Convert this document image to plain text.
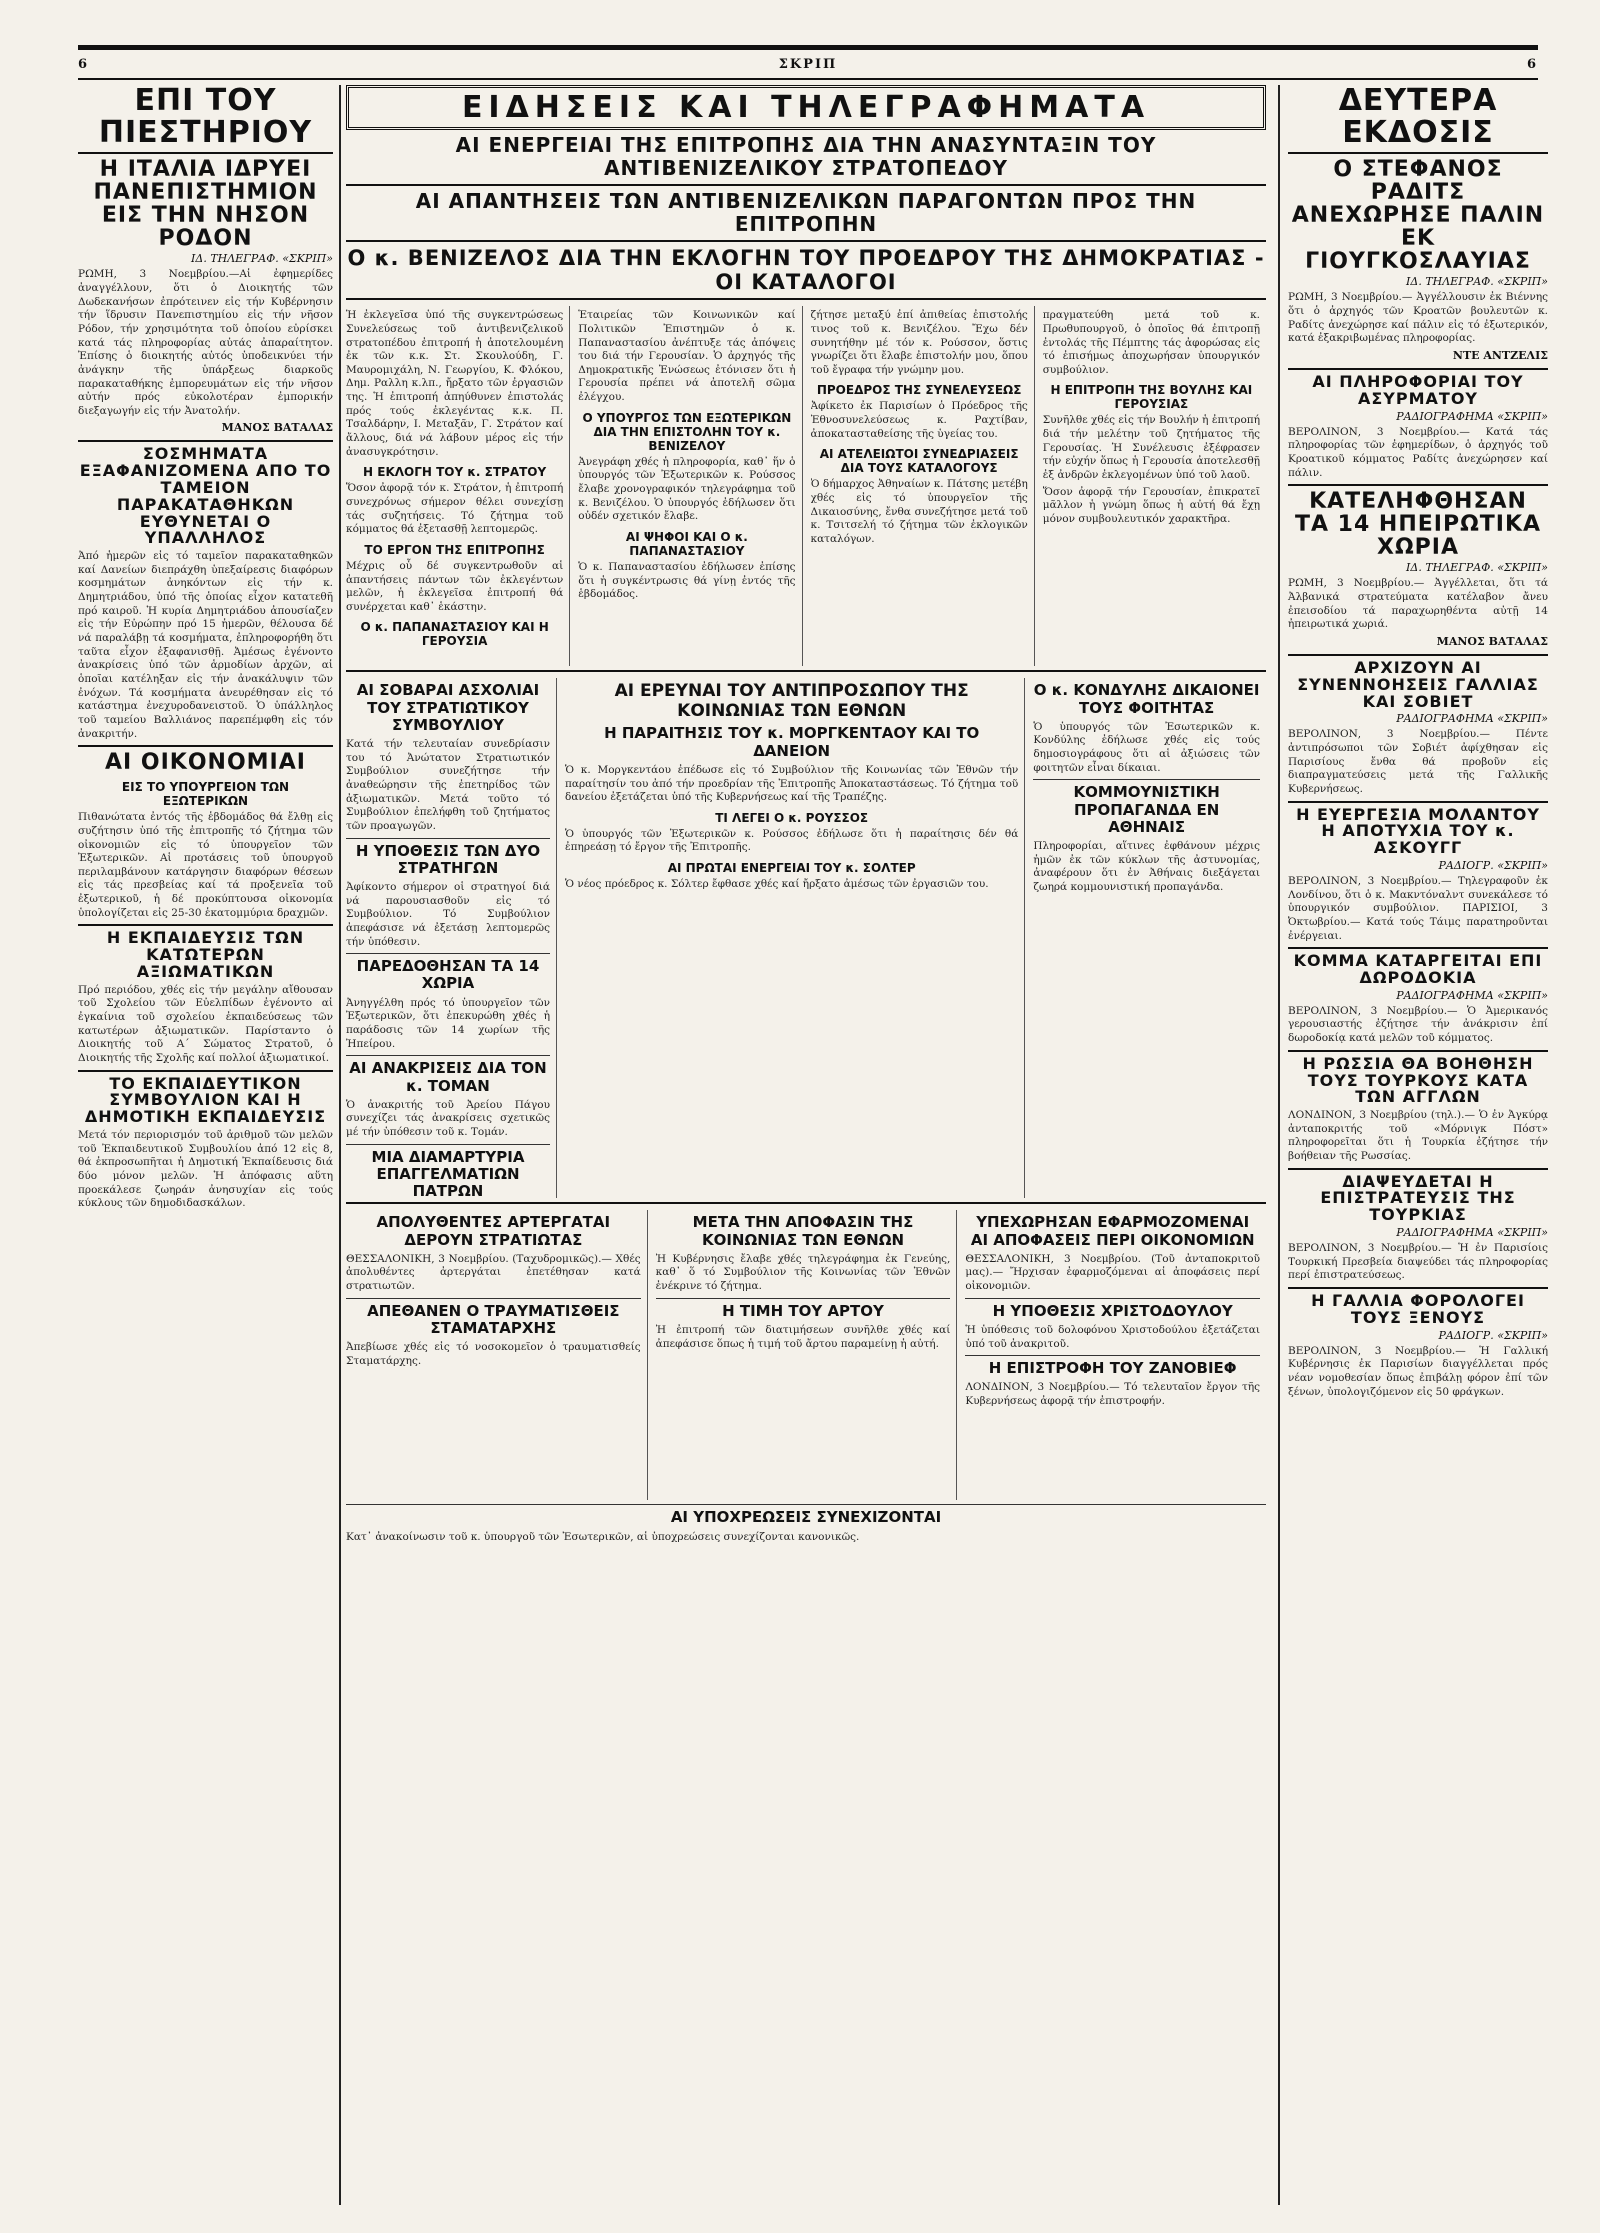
6	ΣΚΡΙΠ	6
ΕΠΙ ΤΟΥ ΠΙΕΣΤΗΡΙΟΥ
Η ΙΤΑΛΙΑ ΙΔΡΥΕΙ ΠΑΝΕΠΙΣΤΗΜΙΟΝ ΕΙΣ ΤΗΝ ΝΗΣΟΝ ΡΟΔΟΝ
ΙΔ. ΤΗΛΕΓΡΑΦ. «ΣΚΡΙΠ»
ΡΩΜΗ, 3 Νοεμβρίου.—Αἱ ἐφημερίδες ἀναγγέλλουν, ὅτι ὁ Διοικητής τῶν Δωδεκανήσων ἐπρότεινεν εἰς τήν Κυβέρνησιν τήν ἵδρυσιν Πανεπιστημίου εἰς τήν νῆσον Ρόδον, τήν χρησιμότητα τοῦ ὁποίου εὑρίσκει κατά τάς πληροφορίας αὐτάς ἀπαραίτητον. Ἐπίσης ὁ διοικητής αὐτός ὑποδεικνύει τήν ἀνάγκην τῆς ὑπάρξεως διαρκοῦς παρακαταθήκης ἐμπορευμάτων εἰς τήν νῆσον αὐτήν πρός εὐκολοτέραν ἐμπορικήν διεξαγωγήν εἰς τήν Ἀνατολήν.
ΜΑΝΟΣ ΒΑΤΑΛΑΣ
ΣΟΣΜΗΜΑΤΑ ΕΞΑΦΑΝΙΖΟΜΕΝΑ ΑΠΟ ΤΟ ΤΑΜΕΙΟΝ ΠΑΡΑΚΑΤΑΘΗΚΩΝ
ΕΥΘΥΝΕΤΑΙ Ο ΥΠΑΛΛΗΛΟΣ
Ἀπό ἡμερῶν εἰς τό ταμεῖον παρακαταθηκῶν καί Δανείων διεπράχθη ὑπεξαίρεσις διαφόρων κοσμημάτων ἀνηκόντων εἰς τήν κ. Δημητριάδου, ὑπό τῆς ὁποίας εἶχον κατατεθῆ πρό καιροῦ. Ἡ κυρία Δημητριάδου ἀπουσίαζεν εἰς τήν Εὐρώπην πρό 15 ἡμερῶν, θέλουσα δέ νά παραλάβῃ τά κοσμήματα, ἐπληροφορήθη ὅτι ταῦτα εἶχον ἐξαφανισθῇ. Ἀμέσως ἐγένοντο ἀνακρίσεις ὑπό τῶν ἁρμοδίων ἀρχῶν, αἱ ὁποῖαι κατέληξαν εἰς τήν ἀνακάλυψιν τῶν ἐνόχων. Τά κοσμήματα ἀνευρέθησαν εἰς τό κατάστημα ἐνεχυροδανειστοῦ. Ὁ ὑπάλληλος τοῦ ταμείου Βαλλιάνος παρεπέμφθη εἰς τόν ἀνακριτήν.
ΑΙ ΟΙΚΟΝΟΜΙΑΙ
ΕΙΣ ΤΟ ΥΠΟΥΡΓΕΙΟΝ ΤΩΝ ΕΞΩΤΕΡΙΚΩΝ
Πιθανώτατα ἐντός τῆς ἑβδομάδος θά ἔλθῃ εἰς συζήτησιν ὑπό τῆς ἐπιτροπῆς τό ζήτημα τῶν οἰκονομιῶν εἰς τό ὑπουργεῖον τῶν Ἐξωτερικῶν. Αἱ προτάσεις τοῦ ὑπουργοῦ περιλαμβάνουν κατάργησιν διαφόρων θέσεων εἰς τάς πρεσβείας καί τά προξενεῖα τοῦ ἐξωτερικοῦ, ἡ δέ προκύπτουσα οἰκονομία ὑπολογίζεται εἰς 25-30 ἑκατομμύρια δραχμῶν.
Η ΕΚΠΑΙΔΕΥΣΙΣ ΤΩΝ ΚΑΤΩΤΕΡΩΝ ΑΞΙΩΜΑΤΙΚΩΝ
Πρό περιόδου, χθές εἰς τήν μεγάλην αἴθουσαν τοῦ Σχολείου τῶν Εὐελπίδων ἐγένοντο αἱ ἐγκαίνια τοῦ σχολείου ἐκπαιδεύσεως τῶν κατωτέρων ἀξιωματικῶν. Παρίσταντο ὁ Διοικητής τοῦ Α΄ Σώματος Στρατοῦ, ὁ Διοικητής τῆς Σχολῆς καί πολλοί ἀξιωματικοί.
ΤΟ ΕΚΠΑΙΔΕΥΤΙΚΟΝ ΣΥΜΒΟΥΛΙΟΝ ΚΑΙ Η ΔΗΜΟΤΙΚΗ ΕΚΠΑΙΔΕΥΣΙΣ
Μετά τόν περιορισμόν τοῦ ἀριθμοῦ τῶν μελῶν τοῦ Ἐκπαιδευτικοῦ Συμβουλίου ἀπό 12 εἰς 8, θά ἐκπροσωπῆται ἡ Δημοτική Ἐκπαίδευσις διά δύο μόνον μελῶν. Ἡ ἀπόφασις αὕτη προεκάλεσε ζωηράν ἀνησυχίαν εἰς τούς κύκλους τῶν δημοδιδασκάλων.
ΕΙΔΗΣΕΙΣ ΚΑΙ ΤΗΛΕΓΡΑΦΗΜΑΤΑ
ΑΙ ΕΝΕΡΓΕΙΑΙ ΤΗΣ ΕΠΙΤΡΟΠΗΣ ΔΙΑ ΤΗΝ ΑΝΑΣΥΝΤΑΞΙΝ ΤΟΥ ΑΝΤΙΒΕΝΙΖΕΛΙΚΟΥ ΣΤΡΑΤΟΠΕΔΟΥ
ΑΙ ΑΠΑΝΤΗΣΕΙΣ ΤΩΝ ΑΝΤΙΒΕΝΙΖΕΛΙΚΩΝ ΠΑΡΑΓΟΝΤΩΝ ΠΡΟΣ ΤΗΝ ΕΠΙΤΡΟΠΗΝ
Ο κ. ΒΕΝΙΖΕΛΟΣ ΔΙΑ ΤΗΝ ΕΚΛΟΓΗΝ ΤΟΥ ΠΡΟΕΔΡΟΥ ΤΗΣ ΔΗΜΟΚΡΑΤΙΑΣ - ΟΙ ΚΑΤΑΛΟΓΟΙ
Ἡ ἐκλεγεῖσα ὑπό τῆς συγκεντρώσεως Συνελεύσεως τοῦ ἀντιβενιζελικοῦ στρατοπέδου ἐπιτροπή ἡ ἀποτελουμένη ἐκ τῶν κ.κ. Στ. Σκουλούδη, Γ. Μαυρομιχάλη, Ν. Γεωργίου, Κ. Φλόκου, Δημ. Ραλλη κ.λπ., ἤρξατο τῶν ἐργασιῶν της. Ἡ ἐπιτροπή ἀπηύθυνεν ἐπιστολάς πρός τούς ἐκλεγέντας κ.κ. Π. Τσαλδάρην, Ι. Μεταξᾶν, Γ. Στράτον καί ἄλλους, διά νά λάβουν μέρος εἰς τήν ἀνασυγκρότησιν.
Η ΕΚΛΟΓΗ ΤΟΥ κ. ΣΤΡΑΤΟΥ
Ὅσον ἀφορᾷ τόν κ. Στράτον, ἡ ἐπιτροπή συνεχρόνως σήμερον θέλει συνεχίσῃ τάς συζητήσεις. Τό ζήτημα τοῦ κόμματος θά ἐξετασθῇ λεπτομερῶς.
ΤΟ ΕΡΓΟΝ ΤΗΣ ΕΠΙΤΡΟΠΗΣ
Μέχρις οὗ δέ συγκεντρωθοῦν αἱ ἀπαντήσεις πάντων τῶν ἐκλεγέντων μελῶν, ἡ ἐκλεγεῖσα ἐπιτροπή θά συνέρχεται καθ᾽ ἑκάστην.
Ο κ. ΠΑΠΑΝΑΣΤΑΣΙΟΥ ΚΑΙ Η ΓΕΡΟΥΣΙΑ
Ἑταιρείας τῶν Κοινωνικῶν καί Πολιτικῶν Ἐπιστημῶν ὁ κ. Παπαναστασίου ἀνέπτυξε τάς ἀπόψεις του διά τήν Γερουσίαν. Ὁ ἀρχηγός τῆς Δημοκρατικῆς Ἑνώσεως ἐτόνισεν ὅτι ἡ Γερουσία πρέπει νά ἀποτελῆ σῶμα ἐλέγχου.
Ο ΥΠΟΥΡΓΟΣ ΤΩΝ ΕΞΩΤΕΡΙΚΩΝ ΔΙΑ ΤΗΝ ΕΠΙΣΤΟΛΗΝ ΤΟΥ κ. ΒΕΝΙΖΕΛΟΥ
Ἀνεγράφη χθές ἡ πληροφορία, καθ᾽ ἥν ὁ ὑπουργός τῶν Ἐξωτερικῶν κ. Ρούσσος ἔλαβε χρονογραφικόν τηλεγράφημα τοῦ κ. Βενιζέλου. Ὁ ὑπουργός ἐδήλωσεν ὅτι οὐδέν σχετικόν ἔλαβε.
ΑΙ ΨΗΦΟΙ ΚΑΙ Ο κ. ΠΑΠΑΝΑΣΤΑΣΙΟΥ
Ὁ κ. Παπαναστασίου ἐδήλωσεν ἐπίσης ὅτι ἡ συγκέντρωσις θά γίνῃ ἐντός τῆς ἑβδομάδος.
ζήτησε μεταξύ ἐπί ἀπιθείας ἐπιστολής τινος τοῦ κ. Βενιζέλου. Ἔχω δέν συνητήθην μέ τόν κ. Ρούσσον, ὅστις γνωρίζει ὅτι ἔλαβε ἐπιστολήν μου, ὅπου τοῦ ἔγραφα τήν γνώμην μου.
ΠΡΟΕΔΡΟΣ ΤΗΣ ΣΥΝΕΛΕΥΣΕΩΣ
Ἀφίκετο ἐκ Παρισίων ὁ Πρόεδρος τῆς Ἐθνοσυνελεύσεως κ. Ραχτίβαν, ἀποκατασταθείσης τῆς ὑγείας του.
ΑΙ ΑΤΕΛΕΙΩΤΟΙ ΣΥΝΕΔΡΙΑΣΕΙΣ ΔΙΑ ΤΟΥΣ ΚΑΤΑΛΟΓΟΥΣ
Ὁ δήμαρχος Ἀθηναίων κ. Πάτσης μετέβη χθές εἰς τό ὑπουργεῖον τῆς Δικαιοσύνης, ἔνθα συνεζήτησε μετά τοῦ κ. Τσιτσελή τό ζήτημα τῶν ἐκλογικῶν καταλόγων.
πραγματεύθη μετά τοῦ κ. Πρωθυπουργοῦ, ὁ ὁποῖος θά ἐπιτροπῇ ἐντολάς τῆς Πέμπτης τάς ἀφορώσας εἰς τό ἐπισήμως ἀποχωρήσαν ὑπουργικόν συμβούλιον.
Η ΕΠΙΤΡΟΠΗ ΤΗΣ ΒΟΥΛΗΣ ΚΑΙ ΓΕΡΟΥΣΙΑΣ
Συνῆλθε χθές εἰς τήν Βουλήν ἡ ἐπιτροπή διά τήν μελέτην τοῦ ζητήματος τῆς Γερουσίας. Ἡ Συνέλευσις ἐξέφρασεν τήν εὐχήν ὅπως ἡ Γερουσία ἀποτελεσθῇ ἐξ ἀνδρῶν ἐκλεγομένων ὑπό τοῦ λαοῦ.
Ὅσον ἀφορᾷ τήν Γερουσίαν, ἐπικρατεῖ μᾶλλον ἡ γνώμη ὅπως ἡ αὐτή θά ἔχῃ μόνον συμβουλευτικόν χαρακτῆρα.
ΑΙ ΣΟΒΑΡΑΙ ΑΣΧΟΛΙΑΙ ΤΟΥ ΣΤΡΑΤΙΩΤΙΚΟΥ ΣΥΜΒΟΥΛΙΟΥ
Κατά τήν τελευταίαν συνεδρίασιν του τό Ἀνώτατον Στρατιωτικόν Συμβούλιον συνεζήτησε τήν ἀναθεώρησιν τῆς ἐπετηρίδος τῶν ἀξιωματικῶν. Μετά τοῦτο τό Συμβούλιον ἐπελήφθη τοῦ ζητήματος τῶν προαγωγῶν.
Η ΥΠΟΘΕΣΙΣ ΤΩΝ ΔΥΟ ΣΤΡΑΤΗΓΩΝ
Ἀφίκοντο σήμερον οἱ στρατηγοί διά νά παρουσιασθοῦν εἰς τό Συμβούλιον. Τό Συμβούλιον ἀπεφάσισε νά ἐξετάσῃ λεπτομερῶς τήν ὑπόθεσιν.
ΠΑΡΕΔΟΘΗΣΑΝ ΤΑ 14 ΧΩΡΙΑ
Ἀνηγγέλθη πρός τό ὑπουργεῖον τῶν Ἐξωτερικῶν, ὅτι ἐπεκυρώθη χθές ἡ παράδοσις τῶν 14 χωρίων τῆς Ἠπείρου.
ΑΙ ΑΝΑΚΡΙΣΕΙΣ ΔΙΑ ΤΟΝ κ. ΤΟΜΑΝ
Ὁ ἀνακριτής τοῦ Ἀρείου Πάγου συνεχίζει τάς ἀνακρίσεις σχετικῶς μέ τήν ὑπόθεσιν τοῦ κ. Τομάν.
ΜΙΑ ΔΙΑΜΑΡΤΥΡΙΑ ΕΠΑΓΓΕΛΜΑΤΙΩΝ ΠΑΤΡΩΝ
ΑΙ ΕΡΕΥΝΑΙ ΤΟΥ ΑΝΤΙΠΡΟΣΩΠΟΥ ΤΗΣ ΚΟΙΝΩΝΙΑΣ ΤΩΝ ΕΘΝΩΝ
Η ΠΑΡΑΙΤΗΣΙΣ ΤΟΥ κ. ΜΟΡΓΚΕΝΤΑΟΥ ΚΑΙ ΤΟ ΔΑΝΕΙΟΝ
Ὁ κ. Μοργκεντάου ἐπέδωσε εἰς τό Συμβούλιον τῆς Κοινωνίας τῶν Ἐθνῶν τήν παραίτησίν του ἀπό τήν προεδρίαν τῆς Ἐπιτροπῆς Ἀποκαταστάσεως. Τό ζήτημα τοῦ δανείου ἐξετάζεται ὑπό τῆς Κυβερνήσεως καί τῆς Τραπέζης.
ΤΙ ΛΕΓΕΙ Ο κ. ΡΟΥΣΣΟΣ
Ὁ ὑπουργός τῶν Ἐξωτερικῶν κ. Ρούσσος ἐδήλωσε ὅτι ἡ παραίτησις δέν θά ἐπηρεάσῃ τό ἔργον τῆς Ἐπιτροπῆς.
ΑΙ ΠΡΩΤΑΙ ΕΝΕΡΓΕΙΑΙ ΤΟΥ κ. ΣΟΛΤΕΡ
Ὁ νέος πρόεδρος κ. Σόλτερ ἔφθασε χθές καί ἤρξατο ἀμέσως τῶν ἐργασιῶν του.
Ο κ. ΚΟΝΔΥΛΗΣ ΔΙΚΑΙΟΝΕΙ ΤΟΥΣ ΦΟΙΤΗΤΑΣ
Ὁ ὑπουργός τῶν Ἐσωτερικῶν κ. Κονδύλης ἐδήλωσε χθές εἰς τούς δημοσιογράφους ὅτι αἱ ἀξιώσεις τῶν φοιτητῶν εἶναι δίκαιαι.
ΚΟΜΜΟΥΝΙΣΤΙΚΗ ΠΡΟΠΑΓΑΝΔΑ ΕΝ ΑΘΗΝΑΙΣ
Πληροφορίαι, αἵτινες ἐφθάνουν μέχρις ἡμῶν ἐκ τῶν κύκλων τῆς ἀστυνομίας, ἀναφέρουν ὅτι ἐν Ἀθήναις διεξάγεται ζωηρά κομμουνιστική προπαγάνδα.
ΑΠΟΛΥΘΕΝΤΕΣ ΑΡΤΕΡΓΑΤΑΙ ΔΕΡΟΥΝ ΣΤΡΑΤΙΩΤΑΣ
ΘΕΣΣΑΛΟΝΙΚΗ, 3 Νοεμβρίου. (Ταχυδρομικῶς).— Χθές ἀπολυθέντες ἀρτεργάται ἐπετέθησαν κατά στρατιωτῶν.
ΑΠΕΘΑΝΕΝ Ο ΤΡΑΥΜΑΤΙΣΘΕΙΣ ΣΤΑΜΑΤΑΡΧΗΣ
Ἀπεβίωσε χθές εἰς τό νοσοκομεῖον ὁ τραυματισθείς Σταματάρχης.
ΜΕΤΑ ΤΗΝ ΑΠΟΦΑΣΙΝ ΤΗΣ ΚΟΙΝΩΝΙΑΣ ΤΩΝ ΕΘΝΩΝ
Ἡ Κυβέρνησις ἔλαβε χθές τηλεγράφημα ἐκ Γενεύης, καθ᾽ ὅ τό Συμβούλιον τῆς Κοινωνίας τῶν Ἐθνῶν ἐνέκρινε τό ζήτημα.
Η ΤΙΜΗ ΤΟΥ ΑΡΤΟΥ
Ἡ ἐπιτροπή τῶν διατιμήσεων συνῆλθε χθές καί ἀπεφάσισε ὅπως ἡ τιμή τοῦ ἄρτου παραμείνῃ ἡ αὐτή.
ΥΠΕΧΩΡΗΣΑΝ ΕΦΑΡΜΟΖΟΜΕΝΑΙ ΑΙ ΑΠΟΦΑΣΕΙΣ ΠΕΡΙ ΟΙΚΟΝΟΜΙΩΝ
ΘΕΣΣΑΛΟΝΙΚΗ, 3 Νοεμβρίου. (Τοῦ ἀνταποκριτοῦ μας).— Ἤρχισαν ἐφαρμοζόμεναι αἱ ἀποφάσεις περί οἰκονομιῶν.
Η ΥΠΟΘΕΣΙΣ ΧΡΙΣΤΟΔΟΥΛΟΥ
Ἡ ὑπόθεσις τοῦ δολοφόνου Χριστοδούλου ἐξετάζεται ὑπό τοῦ ἀνακριτοῦ.
Η ΕΠΙΣΤΡΟΦΗ ΤΟΥ ΖΑΝΟΒΙΕΦ
ΛΟΝΔΙΝΟΝ, 3 Νοεμβρίου.— Τό τελευταῖον ἔργον τῆς Κυβερνήσεως ἀφορᾷ τήν ἐπιστροφήν.
ΑΙ ΥΠΟΧΡΕΩΣΕΙΣ ΣΥΝΕΧΙΖΟΝΤΑΙ
Κατ᾽ ἀνακοίνωσιν τοῦ κ. ὑπουργοῦ τῶν Ἐσωτερικῶν, αἱ ὑποχρεώσεις συνεχίζονται κανονικῶς.
ΔΕΥΤΕΡΑ ΕΚΔΟΣΙΣ
Ο ΣΤΕΦΑΝΟΣ ΡΑΔΙΤΣ ΑΝΕΧΩΡΗΣΕ ΠΑΛΙΝ ΕΚ ΓΙΟΥΓΚΟΣΛΑΥΙΑΣ
ΙΔ. ΤΗΛΕΓΡΑΦ. «ΣΚΡΙΠ»
ΡΩΜΗ, 3 Νοεμβρίου.— Ἀγγέλλουσιν ἐκ Βιέννης ὅτι ὁ ἀρχηγός τῶν Κροατῶν βουλευτῶν κ. Ραδίτς ἀνεχώρησε καί πάλιν εἰς τό ἐξωτερικόν, κατά ἐξακριβωμένας πληροφορίας.
ΝΤΕ ΑΝΤΖΕΛΙΣ
ΑΙ ΠΛΗΡΟΦΟΡΙΑΙ ΤΟΥ ΑΣΥΡΜΑΤΟΥ
ΡΑΔΙΟΓΡΑΦΗΜΑ «ΣΚΡΙΠ»
ΒΕΡΟΛΙΝΟΝ, 3 Νοεμβρίου.— Κατά τάς πληροφορίας τῶν ἐφημερίδων, ὁ ἀρχηγός τοῦ Κροατικοῦ κόμματος Ραδίτς ἀνεχώρησεν καί πάλιν.
ΚΑΤΕΛΗΦΘΗΣΑΝ ΤΑ 14 ΗΠΕΙΡΩΤΙΚΑ ΧΩΡΙΑ
ΙΔ. ΤΗΛΕΓΡΑΦ. «ΣΚΡΙΠ»
ΡΩΜΗ, 3 Νοεμβρίου.— Ἀγγέλλεται, ὅτι τά Ἀλβανικά στρατεύματα κατέλαβον ἄνευ ἐπεισοδίου τά παραχωρηθέντα αὐτῇ 14 ἠπειρωτικά χωριά.
ΜΑΝΟΣ ΒΑΤΑΛΑΣ
ΑΡΧΙΖΟΥΝ ΑΙ ΣΥΝΕΝΝΟΗΣΕΙΣ ΓΑΛΛΙΑΣ ΚΑΙ ΣΟΒΙΕΤ
ΡΑΔΙΟΓΡΑΦΗΜΑ «ΣΚΡΙΠ»
ΒΕΡΟΛΙΝΟΝ, 3 Νοεμβρίου.— Πέντε ἀντιπρόσωποι τῶν Σοβιέτ ἀφίχθησαν εἰς Παρισίους ἔνθα θά προβοῦν εἰς διαπραγματεύσεις μετά τῆς Γαλλικῆς Κυβερνήσεως.
Η ΕΥΕΡΓΕΣΙΑ ΜΟΛΑΝΤΟΥ Η ΑΠΟΤΥΧΙΑ ΤΟΥ κ. ΑΣΚΟΥΓΓ
ΡΑΔΙΟΓΡ. «ΣΚΡΙΠ»
ΒΕΡΟΛΙΝΟΝ, 3 Νοεμβρίου.— Τηλεγραφοῦν ἐκ Λονδίνου, ὅτι ὁ κ. Μακντόναλντ συνεκάλεσε τό ὑπουργικόν συμβούλιον. ΠΑΡΙΣΙΟΙ, 3 Ὀκτωβρίου.— Κατά τούς Τάιμς παρατηροῦνται ἐνέργειαι.
ΚΟΜΜΑ ΚΑΤΑΡΓΕΙΤΑΙ ΕΠΙ ΔΩΡΟΔΟΚΙΑ
ΡΑΔΙΟΓΡΑΦΗΜΑ «ΣΚΡΙΠ»
ΒΕΡΟΛΙΝΟΝ, 3 Νοεμβρίου.— Ὁ Ἀμερικανός γερουσιαστής ἐζήτησε τήν ἀνάκρισιν ἐπί δωροδοκίᾳ κατά μελῶν τοῦ κόμματος.
Η ΡΩΣΣΙΑ ΘΑ ΒΟΗΘΗΣΗ ΤΟΥΣ ΤΟΥΡΚΟΥΣ ΚΑΤΑ ΤΩΝ ΑΓΓΛΩΝ
ΛΟΝΔΙΝΟΝ, 3 Νοεμβρίου (τηλ.).— Ὁ ἐν Ἀγκύρᾳ ἀνταποκριτής τοῦ «Μόρνιγκ Πόστ» πληροφορεῖται ὅτι ἡ Τουρκία ἐζήτησε τήν βοήθειαν τῆς Ρωσσίας.
ΔΙΑΨΕΥΔΕΤΑΙ Η ΕΠΙΣΤΡΑΤΕΥΣΙΣ ΤΗΣ ΤΟΥΡΚΙΑΣ
ΡΑΔΙΟΓΡΑΦΗΜΑ «ΣΚΡΙΠ»
ΒΕΡΟΛΙΝΟΝ, 3 Νοεμβρίου.— Ἡ ἐν Παρισίοις Τουρκική Πρεσβεία διαψεύδει τάς πληροφορίας περί ἐπιστρατεύσεως.
Η ΓΑΛΛΙΑ ΦΟΡΟΛΟΓΕΙ ΤΟΥΣ ΞΕΝΟΥΣ
ΡΑΔΙΟΓΡ. «ΣΚΡΙΠ»
ΒΕΡΟΛΙΝΟΝ, 3 Νοεμβρίου.— Ἡ Γαλλική Κυβέρνησις ἐκ Παρισίων διαγγέλλεται πρός νέαν νομοθεσίαν ὅπως ἐπιβάλῃ φόρον ἐπί τῶν ξένων, ὑπολογιζόμενον εἰς 50 φράγκων.
